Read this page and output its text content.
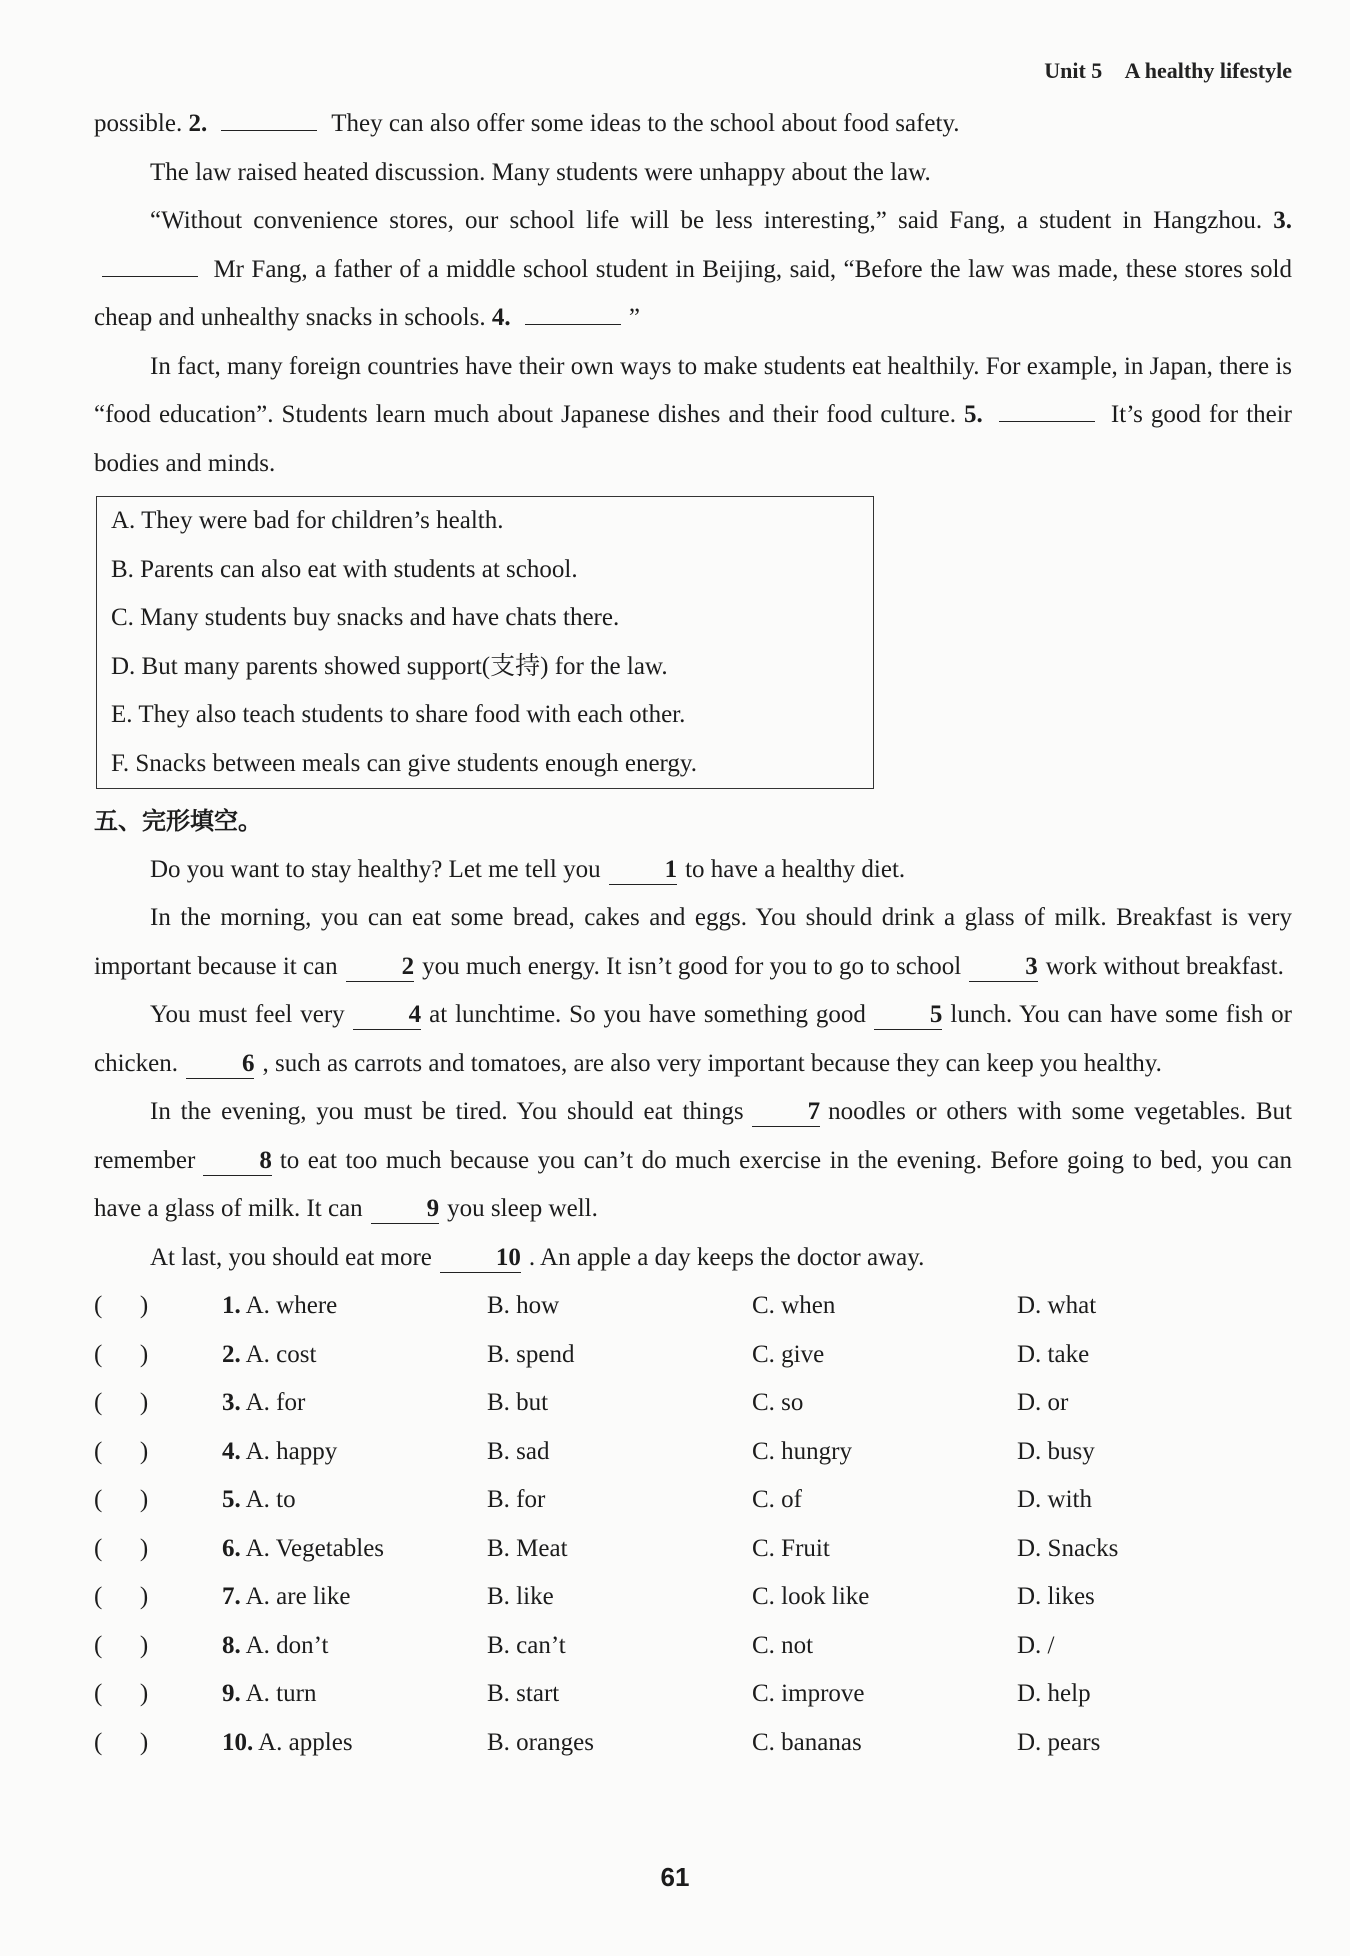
Unit 5 A healthy lifestyle

possible. 2.	They can also offer some ideas to the school about food safety.

The law raised heated discussion. Many students were unhappy about the law.

“Without convenience stores, our school life will be less interesting,” said Fang, a student in Hangzhou. 3.  Mr Fang, a father of a middle school student in Beijing, said, “Before the law was made, these stores sold cheap and unhealthy snacks in schools. 4.	”

In fact, many foreign countries have their own ways to make students eat healthily. For example, in Japan, there is “food education”. Students learn much about Japanese dishes and their food culture. 5.	It’s good for their bodies and minds.

A. They were bad for children’s health.
B. Parents can also eat with students at school.
C. Many students buy snacks and have chats there.
D. But many parents showed support(支持) for the law.
E. They also teach students to share food with each other.
F. Snacks between meals can give students enough energy.
五、完形填空。

Do you want to stay healthy? Let me tell you	1 to have a healthy diet.

In the morning, you can eat some bread, cakes and eggs. You should drink a glass of milk. Breakfast is very important because it can	2 you much energy. It isn’t good for you to go to school	3 work without breakfast.

You must feel very	4 at lunchtime. So you have something good	5 lunch. You can have some fish or chicken.	6 , such as carrots and tomatoes, are also very important because they can keep you healthy.

In the evening, you must be tired. You should eat things	7 noodles or others with some vegetables. But remember	8 to eat too much because you can’t do much exercise in the evening. Before going to bed, you can have a glass of milk. It can	9 you sleep well.

At last, you should eat more	10 . An apple a day keeps the doctor away.

(      )	1. A. where	B. how	C. when	D. what
(      )	2. A. cost	B. spend	C. give	D. take
(      )	3. A. for	B. but	C. so	D. or
(      )	4. A. happy	B. sad	C. hungry	D. busy
(      )	5. A. to	B. for	C. of	D. with
(      )	6. A. Vegetables	B. Meat	C. Fruit	D. Snacks
(      )	7. A. are like	B. like	C. look like	D. likes
(      )	8. A. don’t	B. can’t	C. not	D. /
(      )	9. A. turn	B. start	C. improve	D. help
(      )	10. A. apples	B. oranges	C. bananas	D. pears
61
